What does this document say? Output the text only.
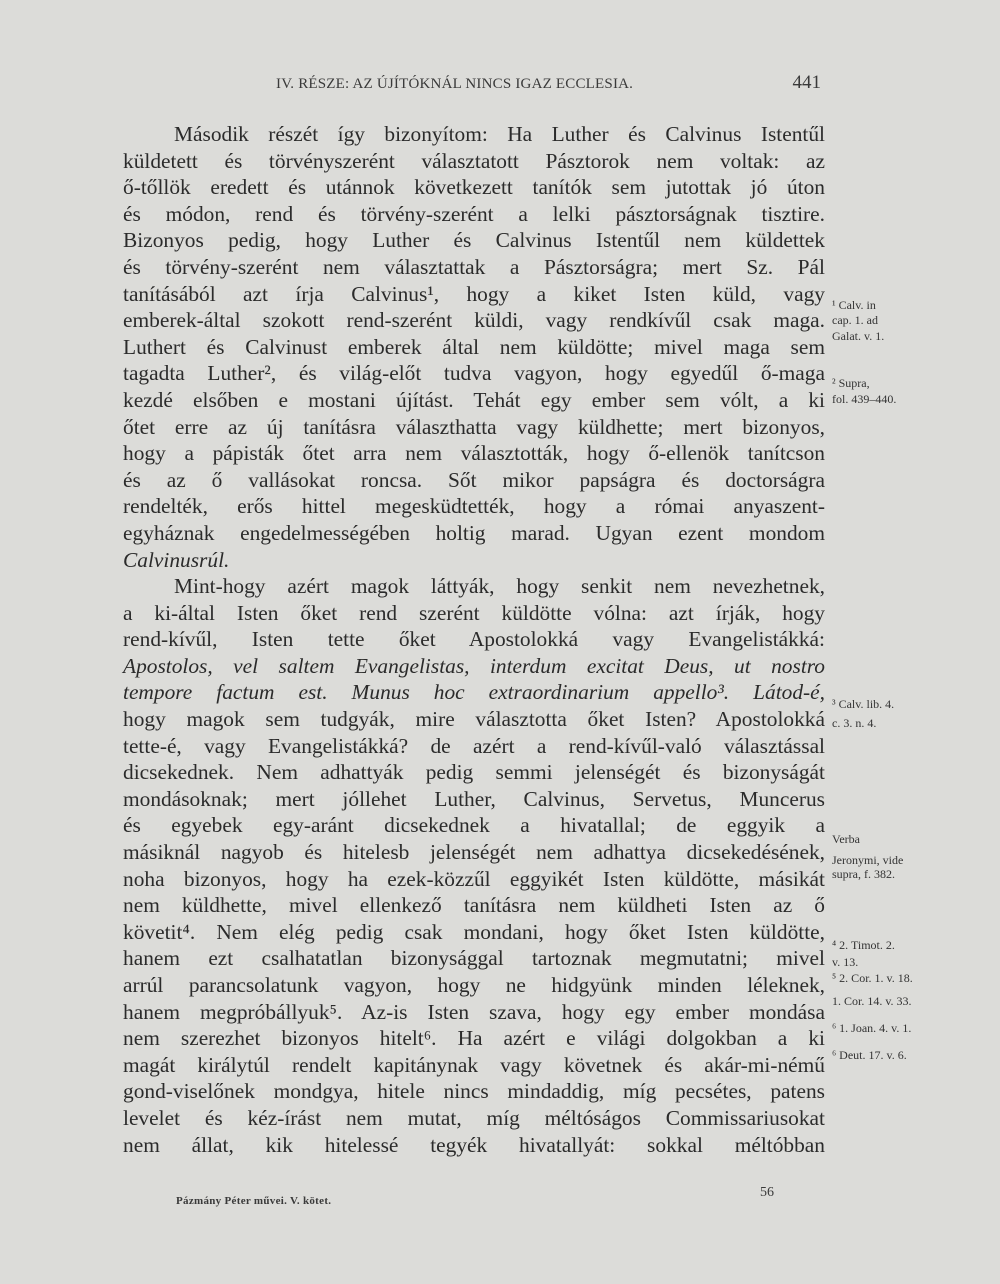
IV. RÉSZE: AZ ÚJÍTÓKNÁL NINCS IGAZ ECCLESIA.	441
Második részét így bizonyítom: Ha Luther és Calvinus Istentűl
küldetett és törvényszerént választatott Pásztorok nem voltak: az
ő-tőllök eredett és utánnok következett tanítók sem jutottak jó úton
és módon, rend és törvény-szerént a lelki pásztorságnak tisztire.
Bizonyos pedig, hogy Luther és Calvinus Istentűl nem küldettek
és törvény-szerént nem választattak a Pásztorságra; mert Sz. Pál
tanításából azt írja Calvinus¹, hogy a kiket Isten küld, vagy
emberek-által szokott rend-szerént küldi, vagy rendkívűl csak maga.
Luthert és Calvinust emberek által nem küldötte; mivel maga sem
tagadta Luther², és világ-előt tudva vagyon, hogy egyedűl ő-maga
kezdé elsőben e mostani újítást. Tehát egy ember sem vólt, a ki
őtet erre az új tanításra választhatta vagy küldhette; mert bizonyos,
hogy a pápisták őtet arra nem választották, hogy ő-ellenök tanítcson
és az ő vallásokat roncsa. Sőt mikor papságra és doctorságra
rendelték, erős hittel megesküdtették, hogy a római anyaszent-
egyháznak engedelmességében holtig marad. Ugyan ezent mondom
Calvinusrúl.
Mint-hogy azért magok láttyák, hogy senkit nem nevezhetnek,
a ki-által Isten őket rend szerént küldötte vólna: azt írják, hogy
rend-kívűl, Isten tette őket Apostolokká vagy Evangelistákká:
Apostolos, vel saltem Evangelistas, interdum excitat Deus, ut nostro
tempore factum est. Munus hoc extraordinarium appello³. Látod-é,
hogy magok sem tudgyák, mire választotta őket Isten? Apostolokká
tette-é, vagy Evangelistákká? de azért a rend-kívűl-való választással
dicsekednek. Nem adhattyák pedig semmi jelenségét és bizonyságát
mondásoknak; mert jóllehet Luther, Calvinus, Servetus, Muncerus
és egyebek egy-aránt dicsekednek a hivatallal; de eggyik a
másiknál nagyob és hitelesb jelenségét nem adhattya dicsekedésének,
noha bizonyos, hogy ha ezek-közzűl eggyikét Isten küldötte, másikát
nem küldhette, mivel ellenkező tanításra nem küldheti Isten az ő
követit⁴. Nem elég pedig csak mondani, hogy őket Isten küldötte,
hanem ezt csalhatatlan bizonysággal tartoznak megmutatni; mivel
arrúl parancsolatunk vagyon, hogy ne hidgyünk minden léleknek,
hanem megpróbállyuk⁵. Az-is Isten szava, hogy egy ember mondása
nem szerezhet bizonyos hitelt⁶. Ha azért e világi dolgokban a ki
magát királytúl rendelt kapitánynak vagy követnek és akár-mi-némű
gond-viselőnek mondgya, hitele nincs mindaddig, míg pecsétes, patens
levelet és kéz-írást nem mutat, míg méltóságos Commissariusokat
nem állat, kik hitelessé tegyék hivatallyát: sokkal méltóbban
¹ Calv. in
cap. 1. ad
Galat. v. 1.
² Supra,
fol. 439–440.
³ Calv. lib. 4.
c. 3. n. 4.
Verba
Jeronymi, vide
supra, f. 382.
⁴ 2. Timot. 2.
v. 13.
⁵ 2. Cor. 1. v. 18.
1. Cor. 14. v. 33.
⁶ 1. Joan. 4. v. 1.
⁶ Deut. 17. v. 6.
Pázmány Péter művei. V. kötet.
56
